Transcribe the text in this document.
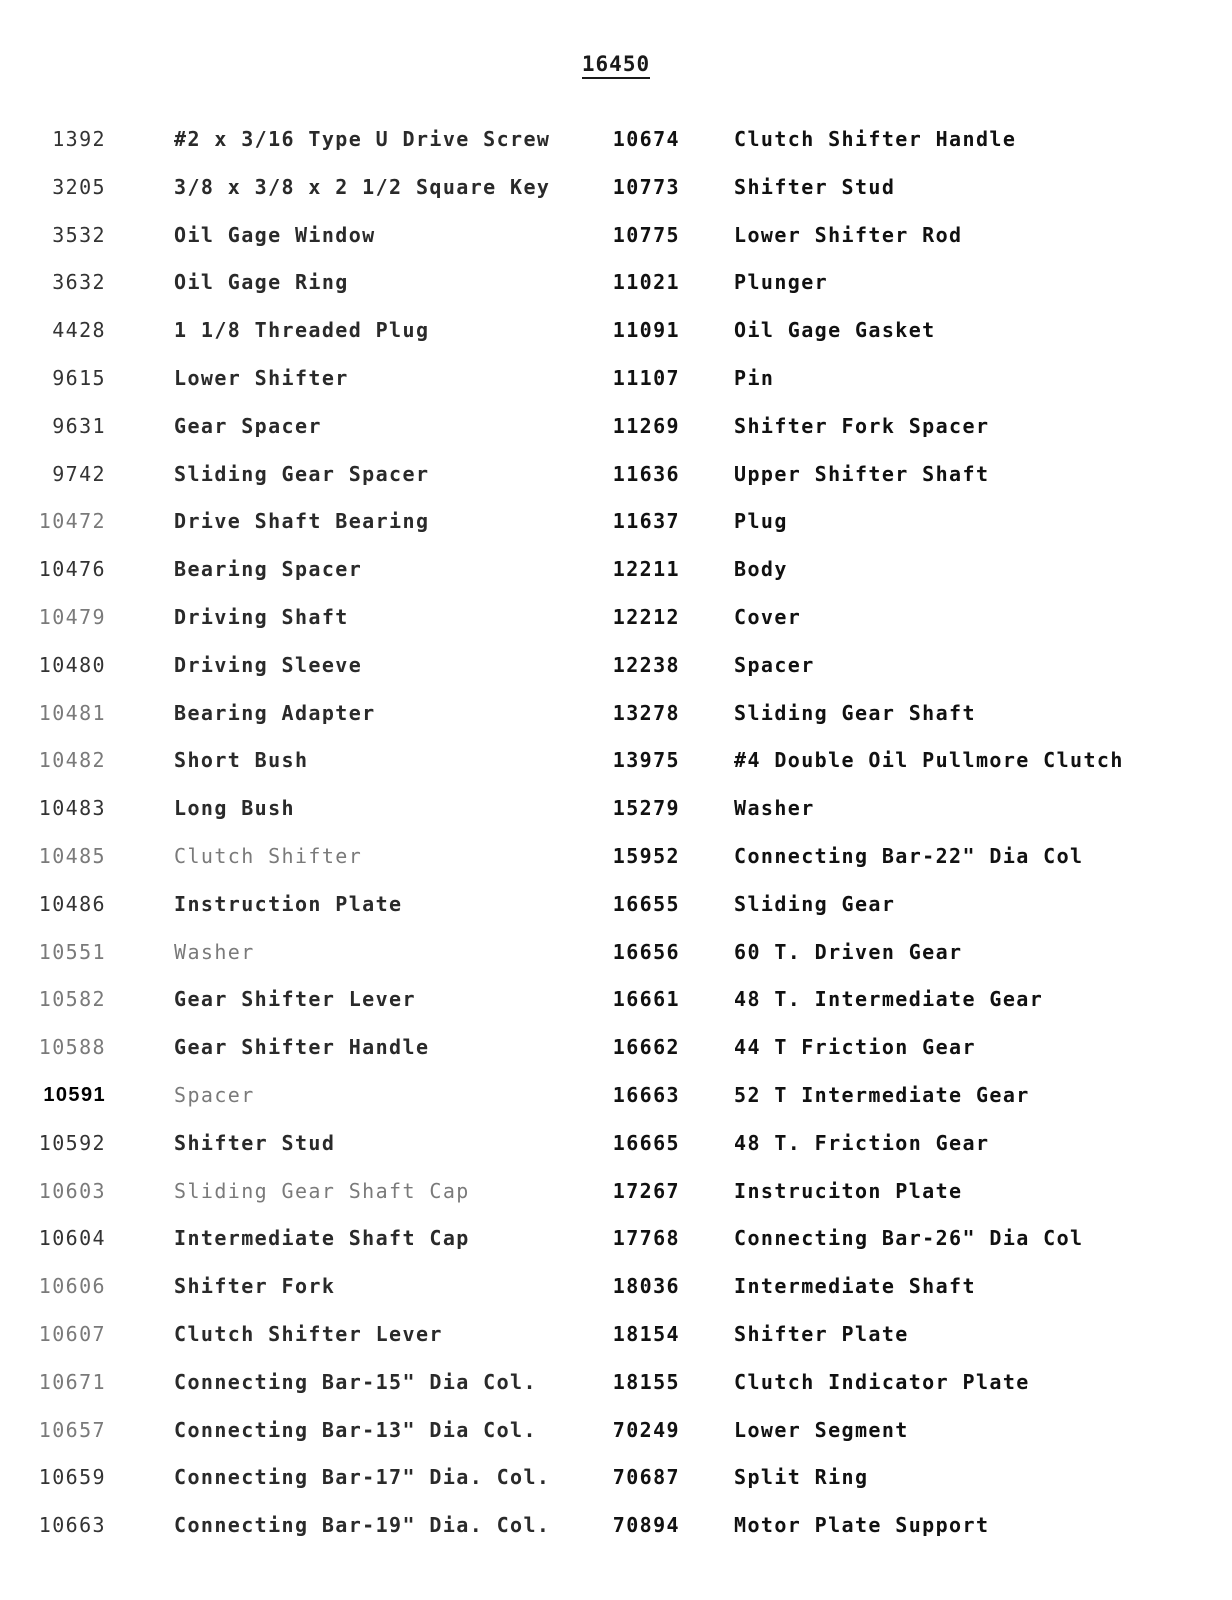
16450
1392	#2 x 3/16 Type U Drive Screw	10674	Clutch Shifter Handle
3205	3/8 x 3/8 x 2 1/2 Square Key	10773	Shifter Stud
3532	Oil Gage Window	10775	Lower Shifter Rod
3632	Oil Gage Ring	11021	Plunger
4428	1 1/8 Threaded Plug	11091	Oil Gage Gasket
9615	Lower Shifter	11107	Pin
9631	Gear Spacer	11269	Shifter Fork Spacer
9742	Sliding Gear Spacer	11636	Upper Shifter Shaft
10472	Drive Shaft Bearing	11637	Plug
10476	Bearing Spacer	12211	Body
10479	Driving Shaft	12212	Cover
10480	Driving Sleeve	12238	Spacer
10481	Bearing Adapter	13278	Sliding Gear Shaft
10482	Short Bush	13975	#4 Double Oil Pullmore Clutch
10483	Long Bush	15279	Washer
10485	Clutch Shifter	15952	Connecting Bar-22" Dia Col
10486	Instruction Plate	16655	Sliding Gear
10551	Washer	16656	60 T. Driven Gear
10582	Gear Shifter Lever	16661	48 T. Intermediate Gear
10588	Gear Shifter Handle	16662	44 T Friction Gear
10591	Spacer	16663	52 T Intermediate Gear
10592	Shifter Stud	16665	48 T. Friction Gear
10603	Sliding Gear Shaft Cap	17267	Instruciton Plate
10604	Intermediate Shaft Cap	17768	Connecting Bar-26" Dia Col
10606	Shifter Fork	18036	Intermediate Shaft
10607	Clutch Shifter Lever	18154	Shifter Plate
10671	Connecting Bar-15" Dia Col.	18155	Clutch Indicator Plate
10657	Connecting Bar-13" Dia Col.	70249	Lower Segment
10659	Connecting Bar-17" Dia. Col.	70687	Split Ring
10663	Connecting Bar-19" Dia. Col.	70894	Motor Plate Support
